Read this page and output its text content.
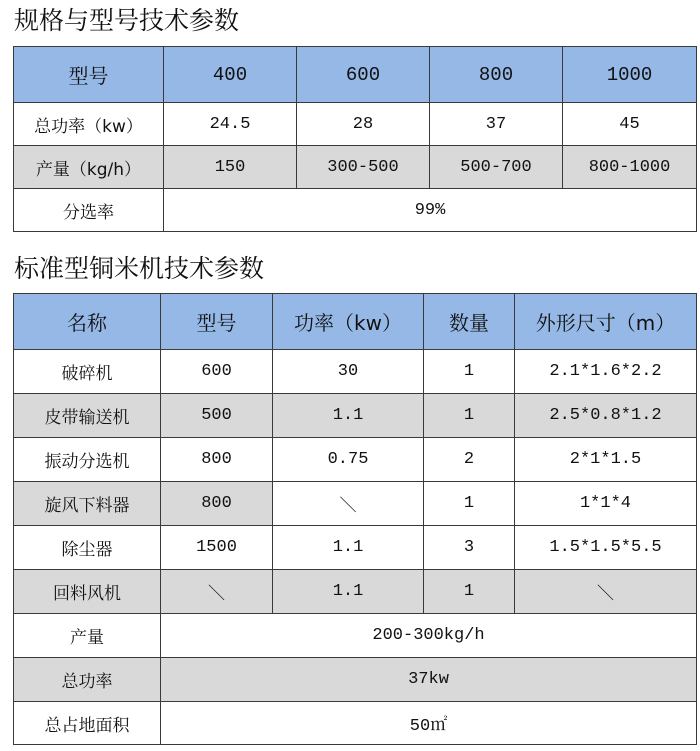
规格与型号技术参数
型号	400	600	800	1000
总功率（kw）	24.5	28	37	45
产量（kg/h）	150	300-500	500-700	800-1000
分选率	99%			
标准型铜米机技术参数
名称	型号	功率（kw）	数量	外形尺寸（m）
破碎机	600	30	1	2.1*1.6*2.2
皮带输送机	500	1.1	1	2.5*0.8*1.2
振动分选机	800	0.75	2	2*1*1.5
旋风下料器	800	＼	1	1*1*4
除尘器	1500	1.1	3	1.5*1.5*5.5
回料风机	＼	1.1	1	＼
产量	200-300kg/h			
总功率	37kw			
总占地面积	50㎡			
